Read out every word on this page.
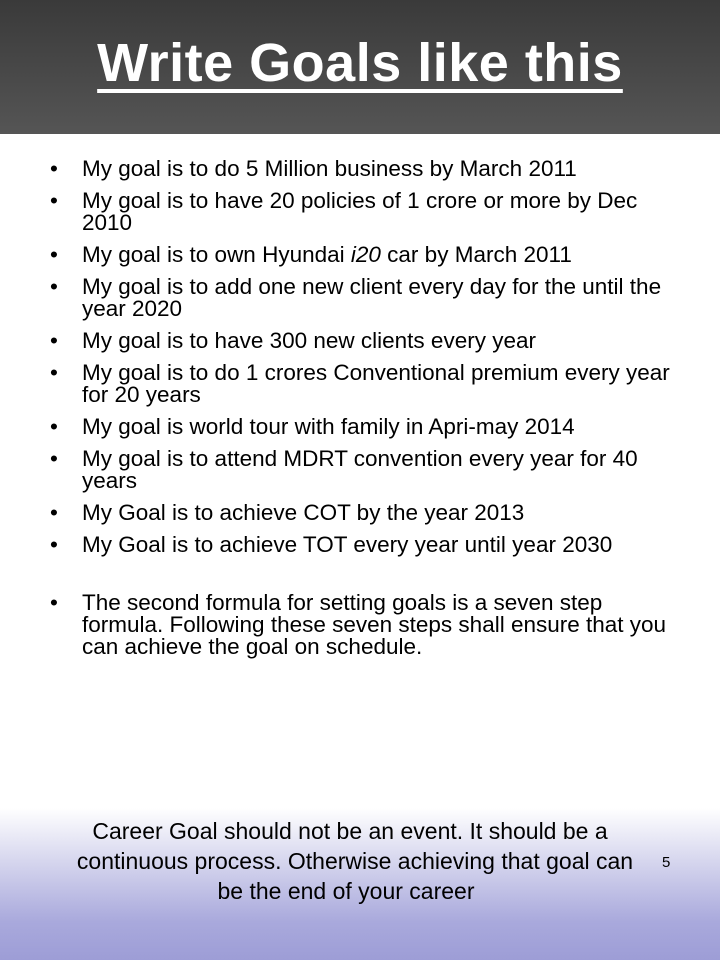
Write Goals like this
• My goal is to do 5 Million business by March 2011
• My goal is to have 20 policies of 1 crore or more by Dec 2010
• My goal is to own Hyundai i20 car by March 2011
• My goal is to add one new client every day for the until the year 2020
• My goal is to have 300 new clients every year
• My goal is to do 1 crores Conventional premium every year for 20 years
• My goal is world tour with family in Apri-may 2014
• My goal is to attend MDRT convention every year for 40 years
• My Goal is to achieve COT by the year 2013
• My Goal is to achieve TOT every year until year 2030
• The second formula for setting goals is a seven step formula. Following these seven steps shall ensure that you can achieve the goal on schedule.
Career Goal should not be an event. It should be a
continuous process. Otherwise achieving that goal can
be the end of your career
5
